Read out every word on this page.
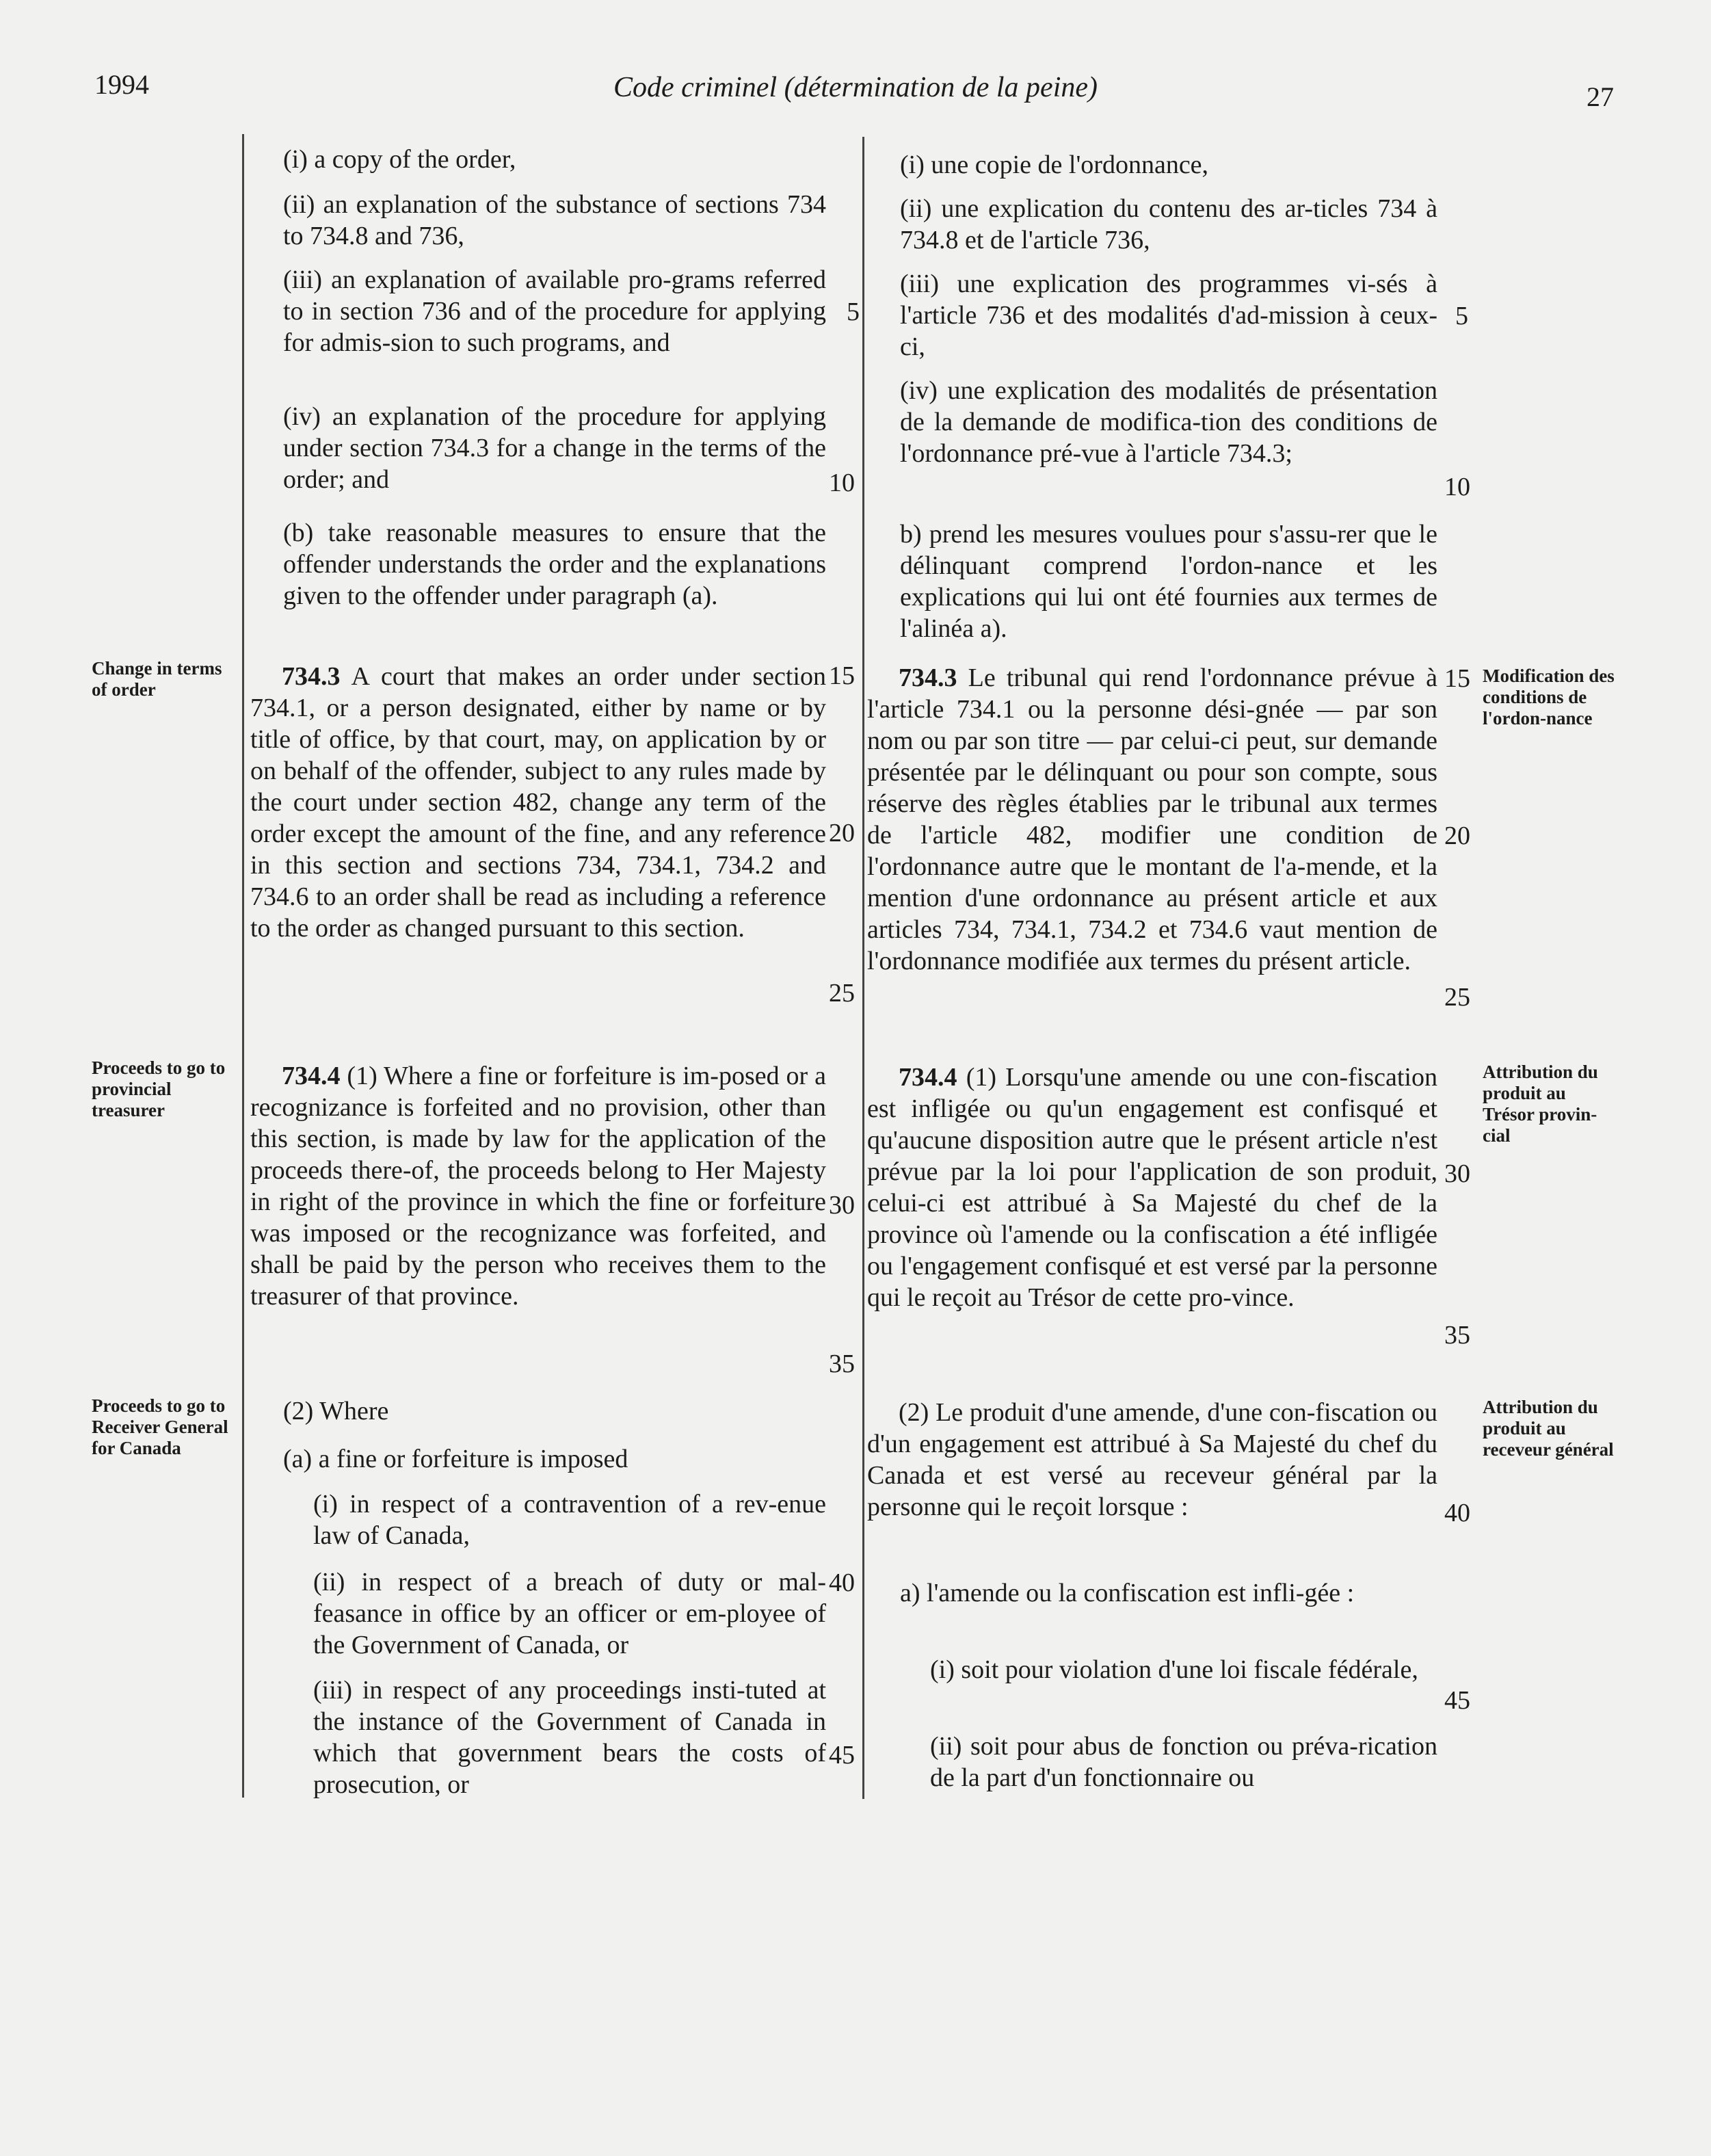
1994	Code criminel (détermination de la peine)	27
Change in terms of order
Proceeds to go to provincial treasurer
Proceeds to go to Receiver General for Canada
Modification des conditions de l'ordon-nance
Attribution du produit au Trésor provin-cial
Attribution du produit au receveur général

(i) a copy of the order,

(ii) an explanation of the substance of sections 734 to 734.8 and 736,

(iii) an explanation of available pro-grams referred to in section 736 and of the procedure for applying for admis-sion to such programs, and

(iv) an explanation of the procedure for applying under section 734.3 for a change in the terms of the order; and

(b) take reasonable measures to ensure that the offender understands the order and the explanations given to the offender under paragraph (a).

734.3 A court that makes an order under section 734.1, or a person designated, either by name or by title of office, by that court, may, on application by or on behalf of the offender, subject to any rules made by the court under section 482, change any term of the order except the amount of the fine, and any reference in this section and sections 734, 734.1, 734.2 and 734.6 to an order shall be read as including a reference to the order as changed pursuant to this section.

734.4 (1) Where a fine or forfeiture is im-posed or a recognizance is forfeited and no provision, other than this section, is made by law for the application of the proceeds there-of, the proceeds belong to Her Majesty in right of the province in which the fine or forfeiture was imposed or the recognizance was forfeited, and shall be paid by the person who receives them to the treasurer of that province.

(2) Where

(a) a fine or forfeiture is imposed

(i) in respect of a contravention of a rev-enue law of Canada,

(ii) in respect of a breach of duty or mal-feasance in office by an officer or em-ployee of the Government of Canada, or

(iii) in respect of any proceedings insti-tuted at the instance of the Government of Canada in which that government bears the costs of prosecution, or

(i) une copie de l'ordonnance,

(ii) une explication du contenu des ar-ticles 734 à 734.8 et de l'article 736,

(iii) une explication des programmes vi-sés à l'article 736 et des modalités d'ad-mission à ceux-ci,

(iv) une explication des modalités de présentation de la demande de modifica-tion des conditions de l'ordonnance pré-vue à l'article 734.3;

b) prend les mesures voulues pour s'assu-rer que le délinquant comprend l'ordon-nance et les explications qui lui ont été fournies aux termes de l'alinéa a).

734.3 Le tribunal qui rend l'ordonnance prévue à l'article 734.1 ou la personne dési-gnée — par son nom ou par son titre — par celui-ci peut, sur demande présentée par le délinquant ou pour son compte, sous réserve des règles établies par le tribunal aux termes de l'article 482, modifier une condition de l'ordonnance autre que le montant de l'a-mende, et la mention d'une ordonnance au présent article et aux articles 734, 734.1, 734.2 et 734.6 vaut mention de l'ordonnance modifiée aux termes du présent article.

734.4 (1) Lorsqu'une amende ou une con-fiscation est infligée ou qu'un engagement est confisqué et qu'aucune disposition autre que le présent article n'est prévue par la loi pour l'application de son produit, celui-ci est attribué à Sa Majesté du chef de la province où l'amende ou la confiscation a été infligée ou l'engagement confisqué et est versé par la personne qui le reçoit au Trésor de cette pro-vince.

(2) Le produit d'une amende, d'une con-fiscation ou d'un engagement est attribué à Sa Majesté du chef du Canada et est versé au receveur général par la personne qui le reçoit lorsque :

a) l'amende ou la confiscation est infli-gée :

(i) soit pour violation d'une loi fiscale fédérale,

(ii) soit pour abus de fonction ou préva-rication de la part d'un fonctionnaire ou

5
10
15
20
25
30
35
40
45
5
10
15
20
25
30
35
40
45
